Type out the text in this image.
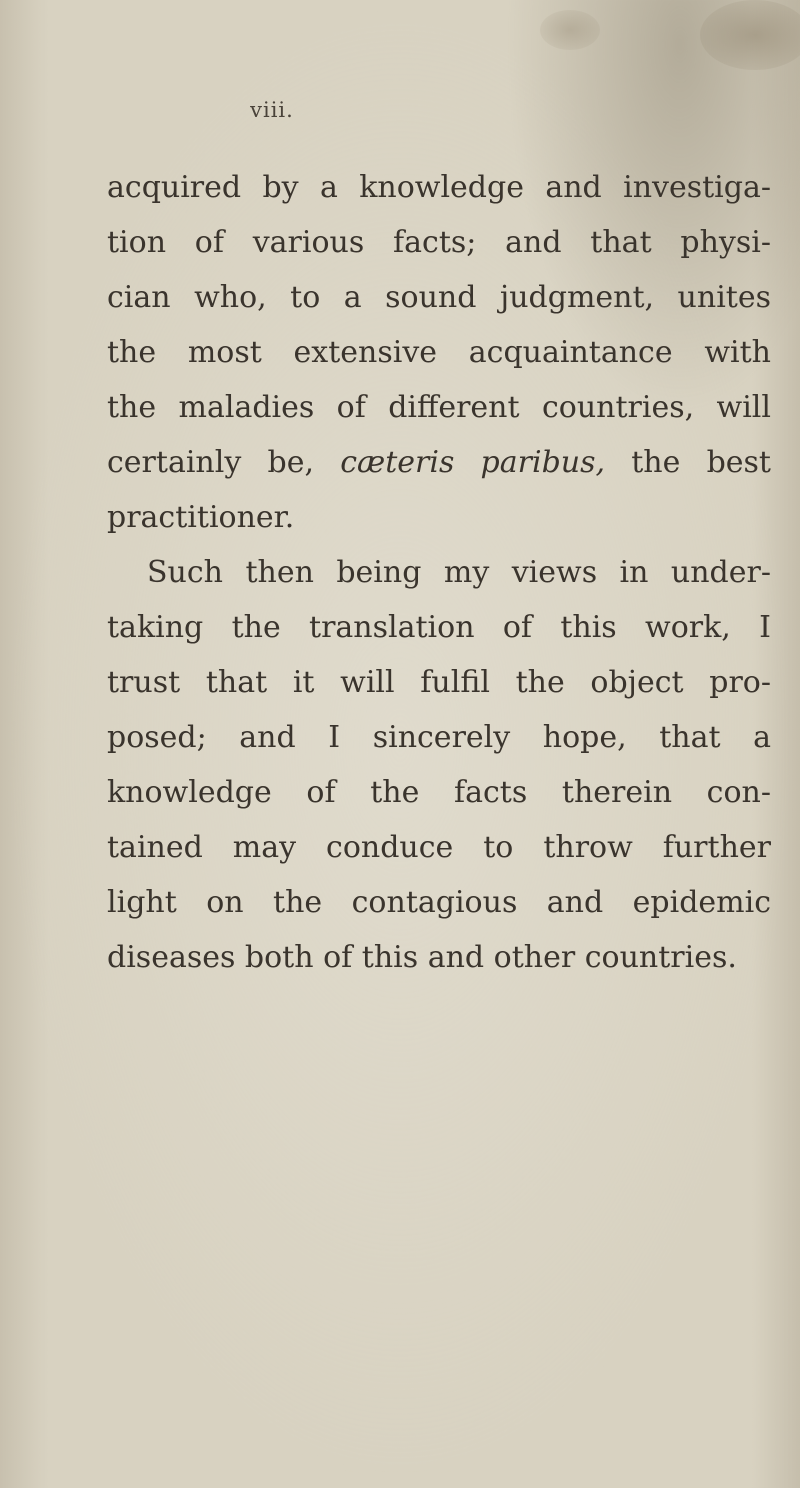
viii.
acquired by a knowledge and investiga-
tion of various facts; and that physi-
cian who, to a sound judgment, unites
the most extensive acquaintance with
the maladies of different countries, will
certainly be, cæteris paribus, the best
practitioner.
Such then being my views in under-
taking the translation of this work, I
trust that it will fulfil the object pro-
posed; and I sincerely hope, that a
knowledge of the facts therein con-
tained may conduce to throw further
light on the contagious and epidemic
diseases both of this and other countries.
